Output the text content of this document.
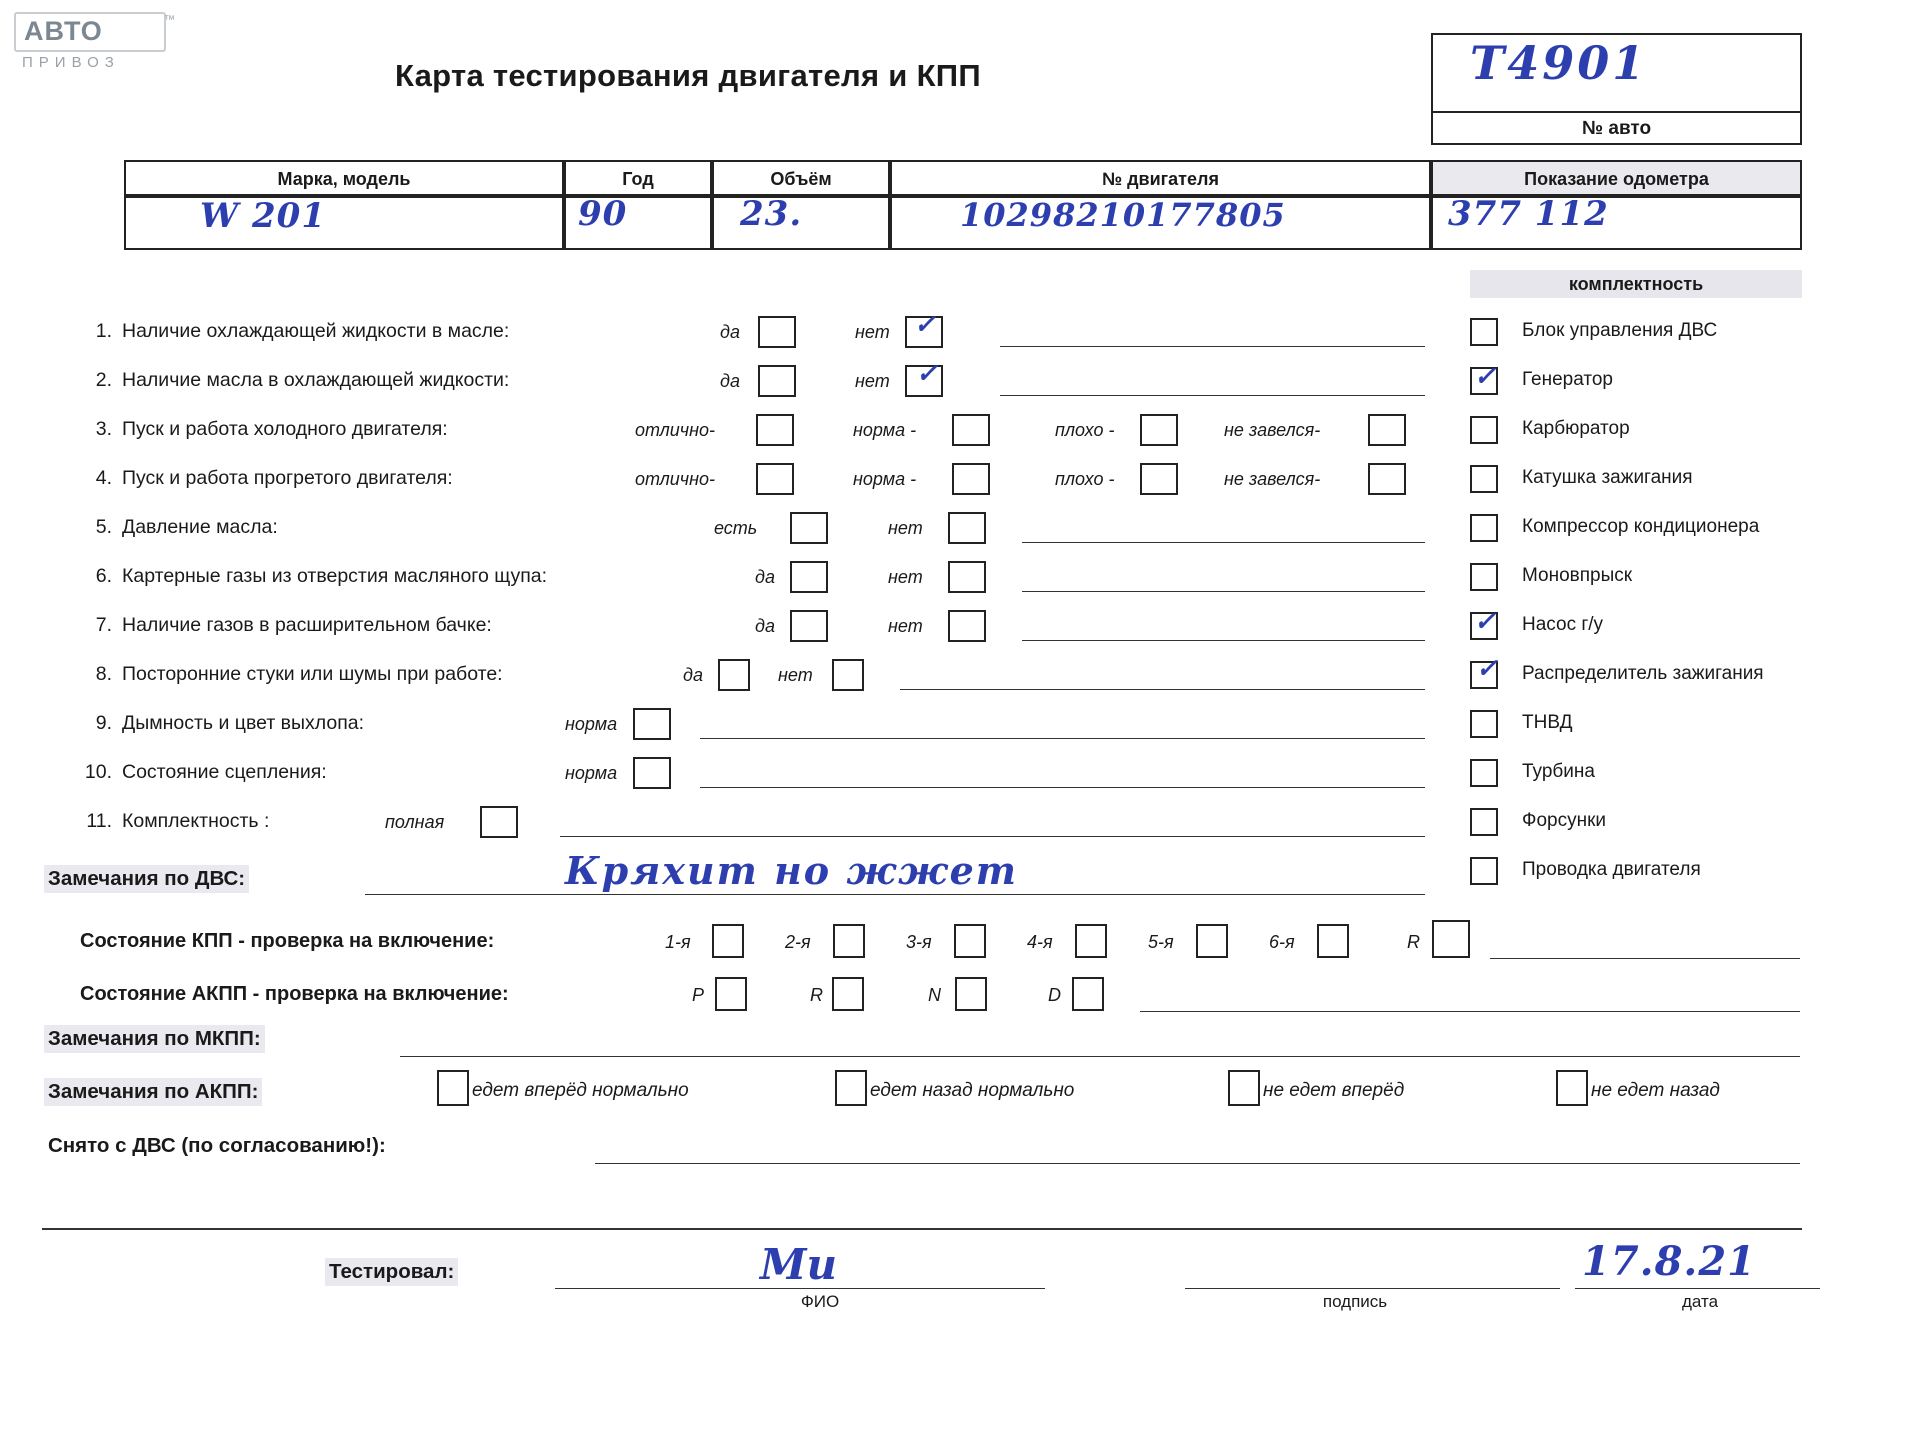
АВТО	™
ПРИВОЗ	Карта тестирования двигателя и КПП	Т4901
№ авто
Марка, модель	Год	Объём	№ двигателя	Показание одометра
W 201	90	23.	10298210177805	377 112
комплектность
Блок управления ДВС
✓ Генератор
Карбюратор
Катушка зажигания
Компрессор кондиционера
Моновпрыск
✓ Насос г/у
✓ Распределитель зажигания
ТНВД
Турбина
Форсунки
Проводка двигателя
1. Наличие охлаждающей жидкости в масле:	да	нет ✓
2. Наличие масла в охлаждающей жидкости:	да	нет ✓
3. Пуск и работа холодного двигателя:	отлично-	норма -	плохо -	не завелся-
4. Пуск и работа прогретого двигателя:	отлично-	норма -	плохо -	не завелся-
5. Давление масла:	есть	нет
6. Картерные газы из отверстия масляного щупа:	да	нет
7. Наличие газов в расширительном бачке:	да	нет
8. Посторонние стуки или шумы при работе:	да	нет
9. Дымность и цвет выхлопа:	норма
10. Состояние сцепления:	норма
11. Комплектность :	полная
Замечания по ДВС:	Кряхит но жжет
Состояние КПП - проверка на включение:	1-я	2-я	3-я	4-я	5-я	6-я	R
Состояние АКПП - проверка на включение:	P	R	N	D
Замечания по МКПП:
Замечания по АКПП:	едет вперёд нормально	едет назад нормально	не едет вперёд	не едет назад
Снято с ДВС (по согласованию!):
Тестировал:	Ми
ФИО	подпись
17.8.21
дата
